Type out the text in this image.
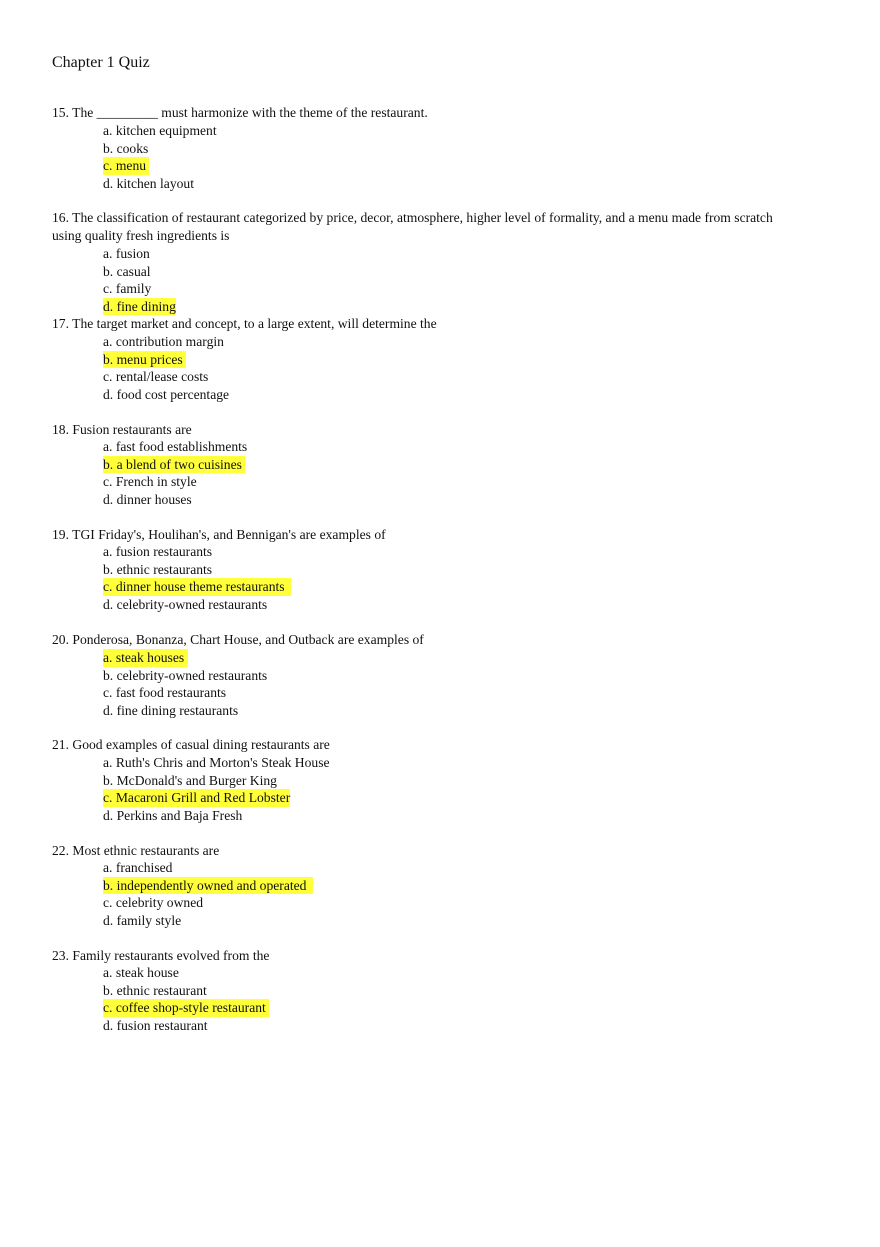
Chapter 1 Quiz
15. The _________ must harmonize with the theme of the restaurant.
a. kitchen equipment
b. cooks
c. menu
d. kitchen layout
16. The classification of restaurant categorized by price, decor, atmosphere, higher level of formality, and a menu made from scratch using quality fresh ingredients is
a. fusion
b. casual
c. family
d. fine dining
17. The target market and concept, to a large extent, will determine the
a. contribution margin
b. menu prices
c. rental/lease costs
d. food cost percentage
18. Fusion restaurants are
a. fast food establishments
b. a blend of two cuisines
c. French in style
d. dinner houses
19. TGI Friday's, Houlihan's, and Bennigan's are examples of
a. fusion restaurants
b. ethnic restaurants
c. dinner house theme restaurants
d. celebrity-owned restaurants
20. Ponderosa, Bonanza, Chart House, and Outback are examples of
a. steak houses
b. celebrity-owned restaurants
c. fast food restaurants
d. fine dining restaurants
21. Good examples of casual dining restaurants are
a. Ruth's Chris and Morton's Steak House
b. McDonald's and Burger King
c. Macaroni Grill and Red Lobster
d. Perkins and Baja Fresh
22. Most ethnic restaurants are
a. franchised
b. independently owned and operated
c. celebrity owned
d. family style
23. Family restaurants evolved from the
a. steak house
b. ethnic restaurant
c. coffee shop-style restaurant
d. fusion restaurant
